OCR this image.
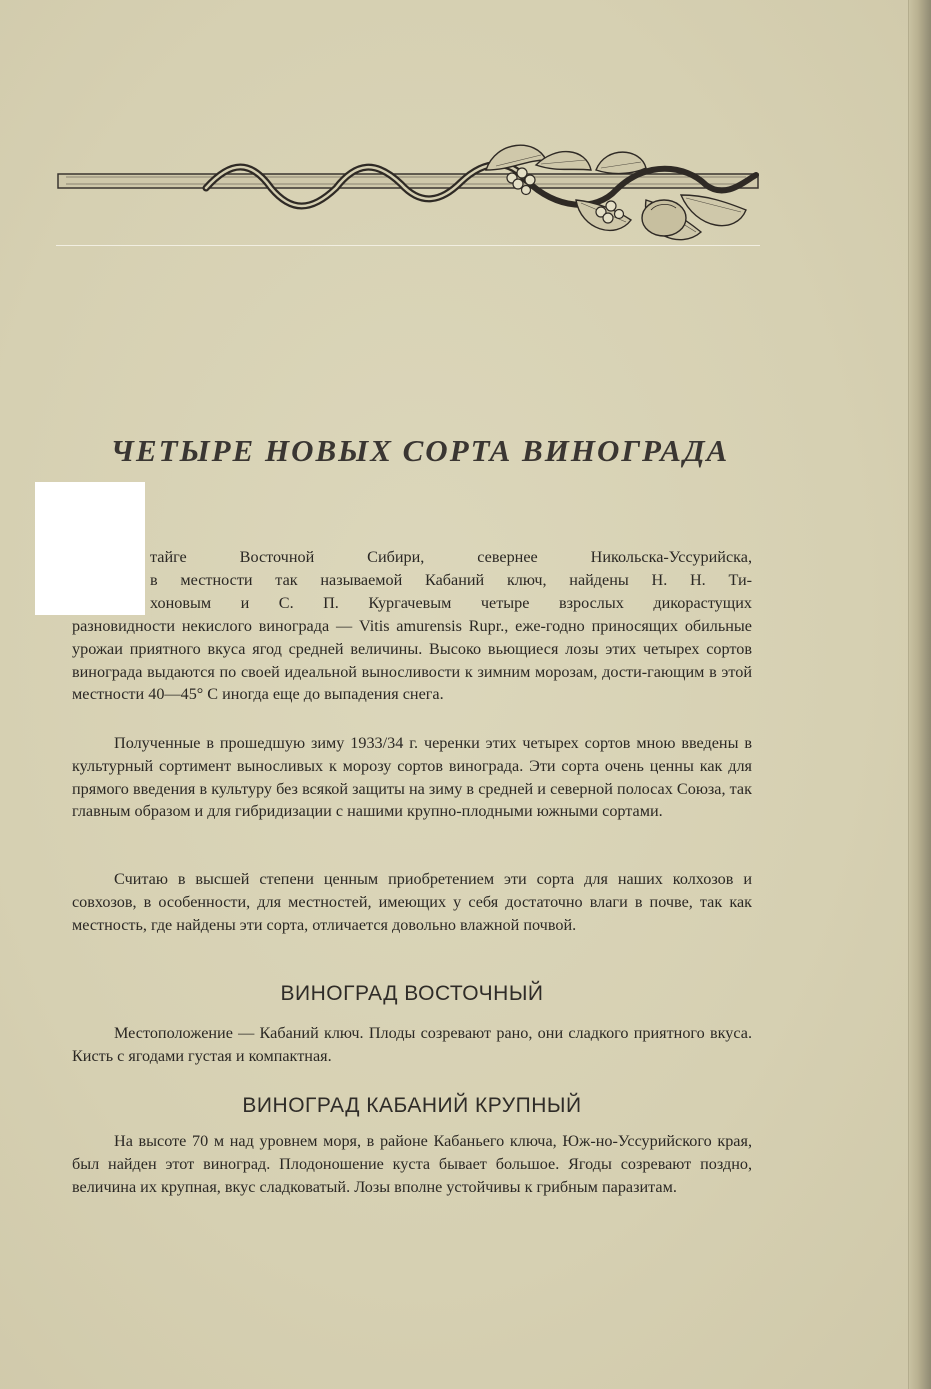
ЧЕТЫРЕ НОВЫХ СОРТА ВИНОГРАДА

тайге Восточной Сибири, севернее Никольска-Уссурийска,

в местности так называемой Кабаний ключ, найдены Н. Н. Ти-

хоновым и С. П. Кургачевым четыре взрослых дикорастущих

разновидности некислого винограда — Vitis amurensis Rupr., еже-годно приносящих обильные урожаи приятного вкуса ягод средней величины. Высоко вьющиеся лозы этих четырех сортов винограда выдаются по своей идеальной выносливости к зимним морозам, дости-гающим в этой местности 40—45° С иногда еще до выпадения снега.

Полученные в прошедшую зиму 1933/34 г. черенки этих четырех сортов мною введены в культурный сортимент выносливых к морозу сортов винограда. Эти сорта очень ценны как для прямого введения в культуру без всякой защиты на зиму в средней и северной полосах Союза, так главным образом и для гибридизации с нашими крупно-плодными южными сортами.

Считаю в высшей степени ценным приобретением эти сорта для наших колхозов и совхозов, в особенности, для местностей, имеющих у себя достаточно влаги в почве, так как местность, где найдены эти сорта, отличается довольно влажной почвой.

ВИНОГРАД ВОСТОЧНЫЙ

Местоположение — Кабаний ключ. Плоды созревают рано, они сладкого приятного вкуса. Кисть с ягодами густая и компактная.

ВИНОГРАД КАБАНИЙ КРУПНЫЙ

На высоте 70 м над уровнем моря, в районе Кабаньего ключа, Юж-но-Уссурийского края, был найден этот виноград. Плодоношение куста бывает большое. Ягоды созревают поздно, величина их крупная, вкус сладковатый. Лозы вполне устойчивы к грибным паразитам.
